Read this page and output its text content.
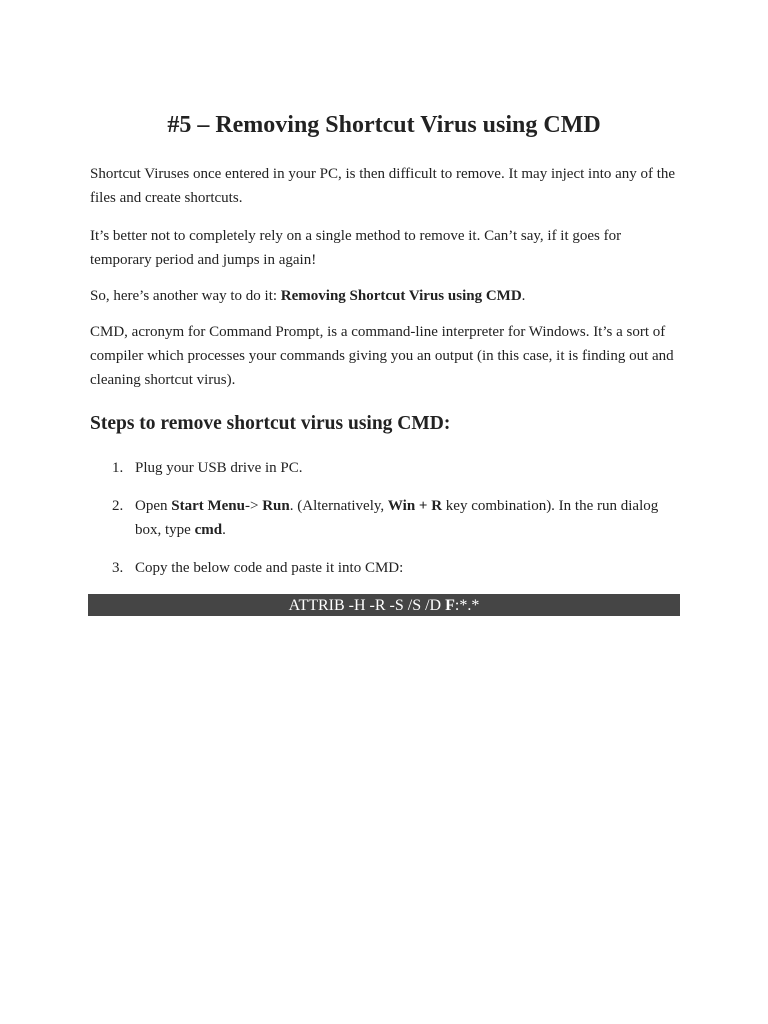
#5 – Removing Shortcut Virus using CMD

Shortcut Viruses once entered in your PC, is then difficult to remove. It may inject into any of the files and create shortcuts.

It’s better not to completely rely on a single method to remove it. Can’t say, if it goes for temporary period and jumps in again!

So, here’s another way to do it: Removing Shortcut Virus using CMD.

CMD, acronym for Command Prompt, is a command-line interpreter for Windows. It’s a sort of compiler which processes your commands giving you an output (in this case, it is finding out and cleaning shortcut virus).

Steps to remove shortcut virus using CMD:
1. Plug your USB drive in PC.
2. Open Start Menu-> Run. (Alternatively, Win + R key combination). In the run dialog box, type cmd.
3. Copy the below code and paste it into CMD:
ATTRIB -H -R -S /S /D F:*.*
